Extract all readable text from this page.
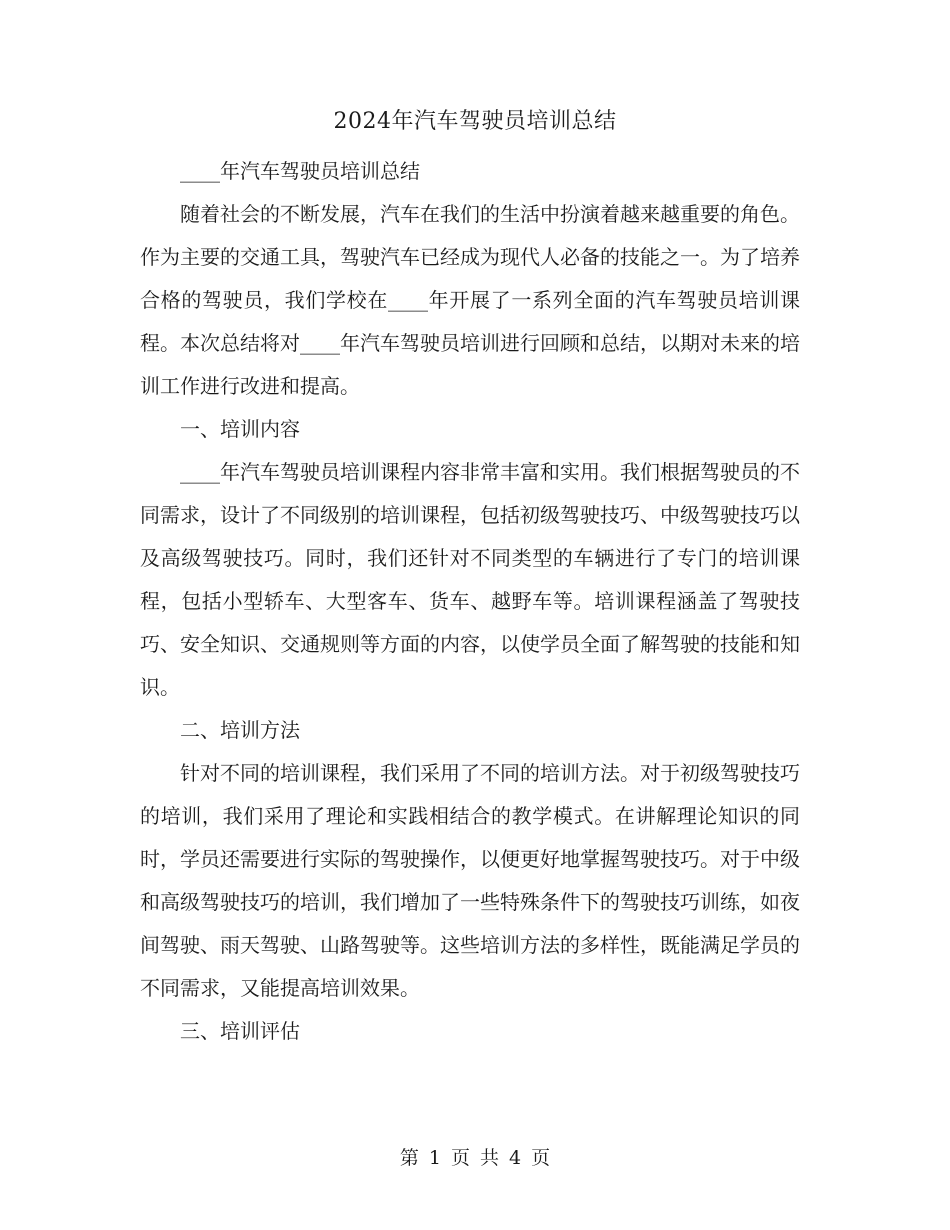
2024年汽车驾驶员培训总结

____年汽车驾驶员培训总结

随着社会的不断发展，汽车在我们的生活中扮演着越来越重要的角色。作为主要的交通工具，驾驶汽车已经成为现代人必备的技能之一。为了培养合格的驾驶员，我们学校在____年开展了一系列全面的汽车驾驶员培训课程。本次总结将对____年汽车驾驶员培训进行回顾和总结，以期对未来的培训工作进行改进和提高。

一、培训内容

____年汽车驾驶员培训课程内容非常丰富和实用。我们根据驾驶员的不同需求，设计了不同级别的培训课程，包括初级驾驶技巧、中级驾驶技巧以及高级驾驶技巧。同时，我们还针对不同类型的车辆进行了专门的培训课程，包括小型轿车、大型客车、货车、越野车等。培训课程涵盖了驾驶技巧、安全知识、交通规则等方面的内容，以使学员全面了解驾驶的技能和知识。

二、培训方法

针对不同的培训课程，我们采用了不同的培训方法。对于初级驾驶技巧的培训，我们采用了理论和实践相结合的教学模式。在讲解理论知识的同时，学员还需要进行实际的驾驶操作，以便更好地掌握驾驶技巧。对于中级和高级驾驶技巧的培训，我们增加了一些特殊条件下的驾驶技巧训练，如夜间驾驶、雨天驾驶、山路驾驶等。这些培训方法的多样性，既能满足学员的不同需求，又能提高培训效果。

三、培训评估

第 1 页 共 4 页
